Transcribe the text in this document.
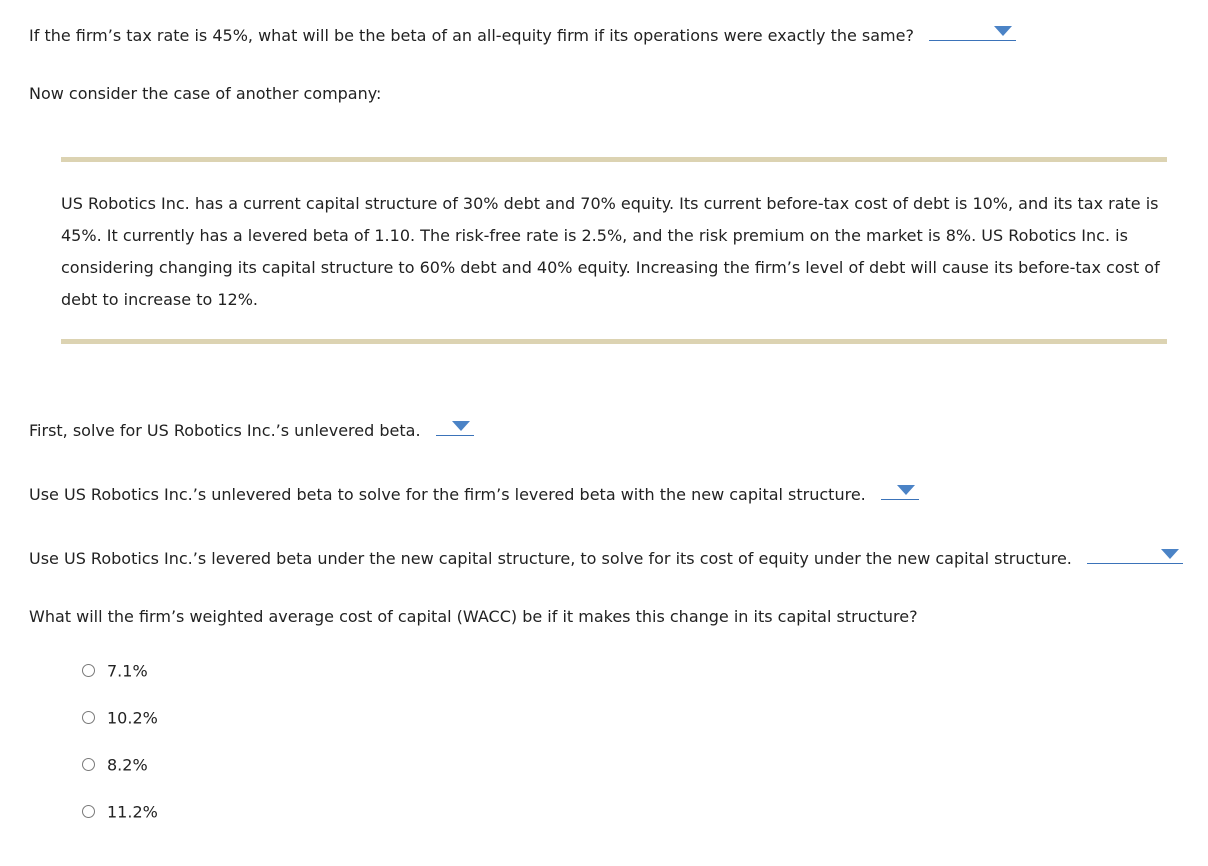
If the firm’s tax rate is 45%, what will be the beta of an all-equity firm if its operations were exactly the same?
Now consider the case of another company:
US Robotics Inc. has a current capital structure of 30% debt and 70% equity. Its current before-tax cost of debt is 10%, and its tax rate is 45%. It currently has a levered beta of 1.10. The risk-free rate is 2.5%, and the risk premium on the market is 8%. US Robotics Inc. is considering changing its capital structure to 60% debt and 40% equity. Increasing the firm’s level of debt will cause its before-tax cost of debt to increase to 12%.
First, solve for US Robotics Inc.’s unlevered beta.
Use US Robotics Inc.’s unlevered beta to solve for the firm’s levered beta with the new capital structure.
Use US Robotics Inc.’s levered beta under the new capital structure, to solve for its cost of equity under the new capital structure.
What will the firm’s weighted average cost of capital (WACC) be if it makes this change in its capital structure?
7.1%
10.2%
8.2%
11.2%
